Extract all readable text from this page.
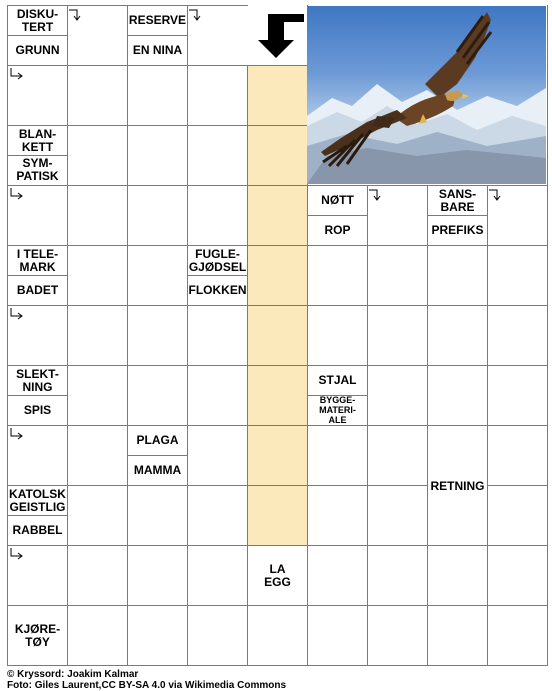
DISKU-
TERT
GRUNN
RESERVE
EN NINA
BLAN-
KETT
SYM-
PATISK
I TELE-
MARK
BADET
FUGLE-
GJØDSEL
FLOKKEN
NØTT
ROP
SANS-
BARE
PREFIKS
SLEKT-
NING
SPIS
STJAL
BYGGE-
MATERI-
ALE
PLAGA
MAMMA
RETNING
KATOLSK
GEISTLIG
RABBEL
LA
EGG
KJØRE-
TØY
© Kryssord: Joakim Kalmar
Foto: Giles Laurent,CC BY-SA 4.0 via Wikimedia Commons
